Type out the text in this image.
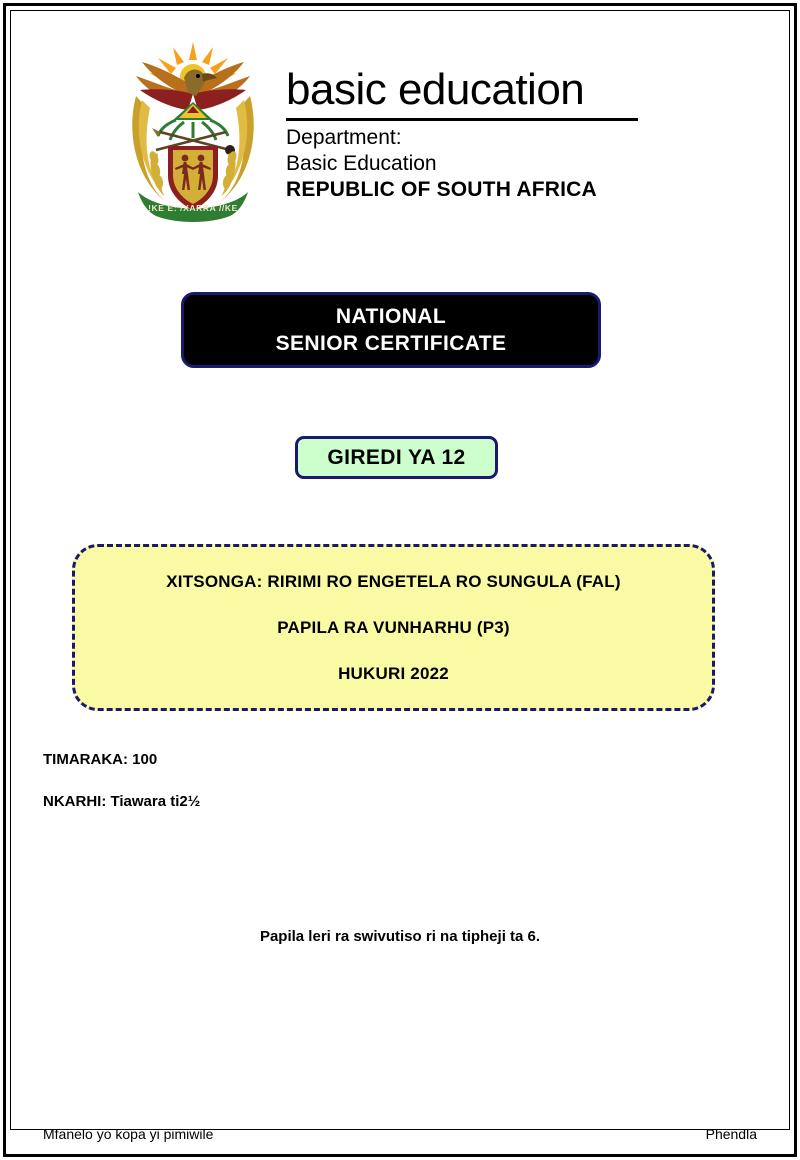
!KE E: /XARRA //KE
basic education
Department:
Basic Education
REPUBLIC OF SOUTH AFRICA
NATIONAL
SENIOR CERTIFICATE
GIREDI YA 12
XITSONGA: RIRIMI RO ENGETELA RO SUNGULA (FAL)
PAPILA RA VUNHARHU (P3)
HUKURI 2022
TIMARAKA: 100
NKARHI: Tiawara ti2½
Papila leri ra swivutiso ri na tipheji ta 6.
Mfanelo yo kopa yi pimiwile	Phendla
